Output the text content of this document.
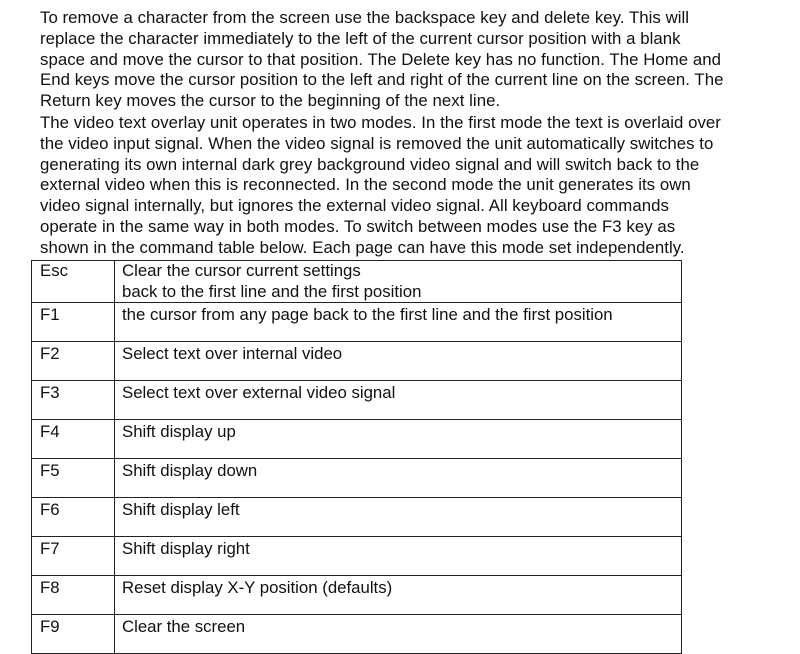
To remove a character from the screen use the backspace key and delete key. This will
replace the character immediately to the left of the current cursor position with a blank
space and move the cursor to that position. The Delete key has no function. The Home and
End keys move the cursor position to the left and right of the current line on the screen. The
Return key moves the cursor to the beginning of the next line.

The video text overlay unit operates in two modes. In the first mode the text is overlaid over
the video input signal. When the video signal is removed the unit automatically switches to
generating its own internal dark grey background video signal and will switch back to the
external video when this is reconnected. In the second mode the unit generates its own
video signal internally, but ignores the external video signal. All keyboard commands
operate in the same way in both modes. To switch between modes use the F3 key as
shown in the command table below. Each page can have this mode set independently.

Esc	Clear the cursor current settings
back to the first line and the first position

F1	the cursor from any page back to the first line and the first position
F2	Select text over internal video
F3	Select text over external video signal
F4	Shift display up
F5	Shift display down
F6	Shift display left
F7	Shift display right
F8	Reset display X-Y position (defaults)
F9	Clear the screen
